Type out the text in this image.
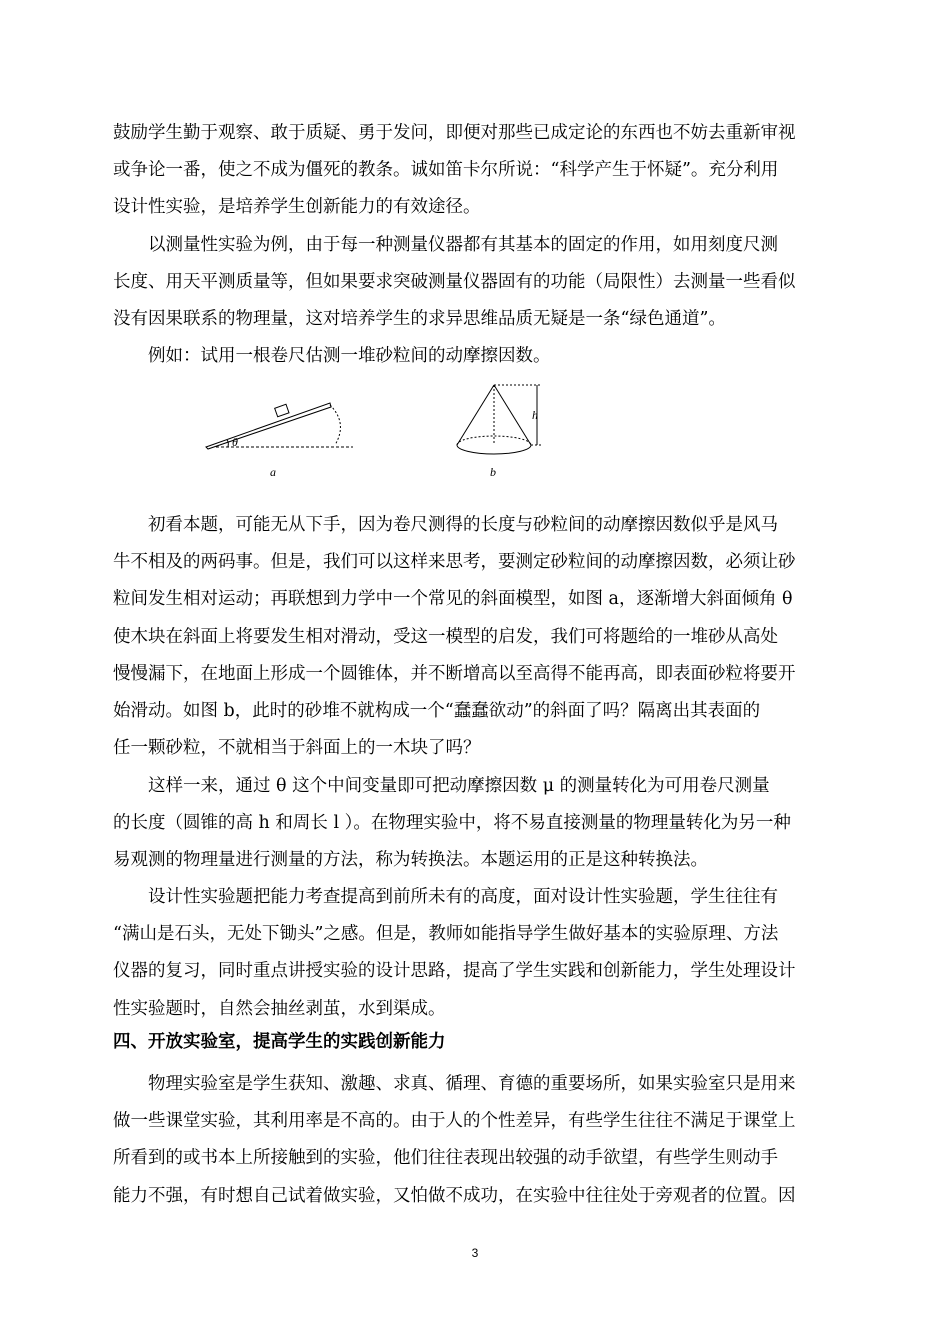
鼓励学生勤于观察、敢于质疑、勇于发问，即便对那些已成定论的东西也不妨去重新审视
或争论一番，使之不成为僵死的教条。诚如笛卡尔所说：“科学产生于怀疑”。充分利用
设计性实验，是培养学生创新能力的有效途径。
　　以测量性实验为例，由于每一种测量仪器都有其基本的固定的作用，如用刻度尺测
长度、用天平测质量等，但如果要求突破测量仪器固有的功能（局限性）去测量一些看似
没有因果联系的物理量，这对培养学生的求异思维品质无疑是一条“绿色通道”。
　　例如：试用一根卷尺估测一堆砂粒间的动摩擦因数。
θ
a
h
b
　　初看本题，可能无从下手，因为卷尺测得的长度与砂粒间的动摩擦因数似乎是风马
牛不相及的两码事。但是，我们可以这样来思考，要测定砂粒间的动摩擦因数，必须让砂
粒间发生相对运动；再联想到力学中一个常见的斜面模型，如图 a，逐渐增大斜面倾角 θ
使木块在斜面上将要发生相对滑动，受这一模型的启发，我们可将题给的一堆砂从高处
慢慢漏下，在地面上形成一个圆锥体，并不断增高以至高得不能再高，即表面砂粒将要开
始滑动。如图 b，此时的砂堆不就构成一个“蠢蠢欲动”的斜面了吗？隔离出其表面的
任一颗砂粒，不就相当于斜面上的一木块了吗？
　　这样一来，通过 θ 这个中间变量即可把动摩擦因数 μ 的测量转化为可用卷尺测量
的长度（圆锥的高 h 和周长 l ）。在物理实验中，将不易直接测量的物理量转化为另一种
易观测的物理量进行测量的方法，称为转换法。本题运用的正是这种转换法。
　　设计性实验题把能力考查提高到前所未有的高度，面对设计性实验题，学生往往有
“满山是石头，无处下锄头”之感。但是，教师如能指导学生做好基本的实验原理、方法
仪器的复习，同时重点讲授实验的设计思路，提高了学生实践和创新能力，学生处理设计
性实验题时，自然会抽丝剥茧，水到渠成。
四、开放实验室，提高学生的实践创新能力
　　物理实验室是学生获知、激趣、求真、循理、育德的重要场所，如果实验室只是用来
做一些课堂实验，其利用率是不高的。由于人的个性差异，有些学生往往不满足于课堂上
所看到的或书本上所接触到的实验，他们往往表现出较强的动手欲望，有些学生则动手
能力不强，有时想自己试着做实验，又怕做不成功，在实验中往往处于旁观者的位置。因
3
